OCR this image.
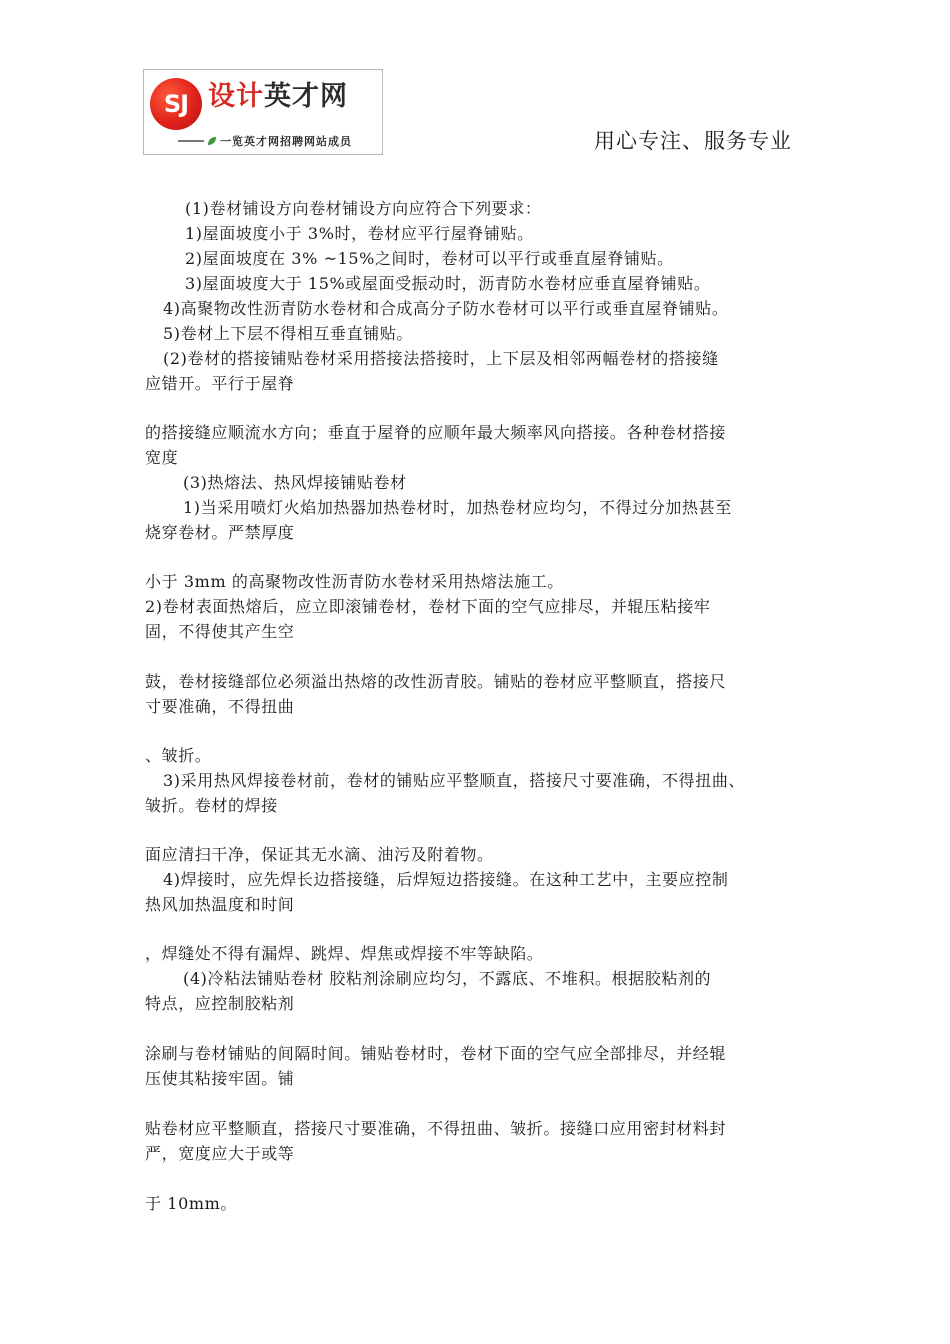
SJ 设计英才网
一览英才网招聘网站成员	用心专注、服务专业
(1)卷材铺设方向卷材铺设方向应符合下列要求：
1)屋面坡度小于 3%时，卷材应平行屋脊铺贴。
2)屋面坡度在 3% ~15%之间时，卷材可以平行或垂直屋脊铺贴。
3)屋面坡度大于 15%或屋面受振动时，沥青防水卷材应垂直屋脊铺贴。
4)高聚物改性沥青防水卷材和合成高分子防水卷材可以平行或垂直屋脊铺贴。
5)卷材上下层不得相互垂直铺贴。
(2)卷材的搭接铺贴卷材采用搭接法搭接时，上下层及相邻两幅卷材的搭接缝
应错开。平行于屋脊
的搭接缝应顺流水方向；垂直于屋脊的应顺年最大频率风向搭接。各种卷材搭接
宽度
(3)热熔法、热风焊接铺贴卷材
1)当采用喷灯火焰加热器加热卷材时，加热卷材应均匀，不得过分加热甚至
烧穿卷材。严禁厚度
小于 3mm 的高聚物改性沥青防水卷材采用热熔法施工。
2)卷材表面热熔后，应立即滚铺卷材，卷材下面的空气应排尽，并辊压粘接牢
固，不得使其产生空
鼓，卷材接缝部位必须溢出热熔的改性沥青胶。铺贴的卷材应平整顺直，搭接尺
寸要准确，不得扭曲
、皱折。
3)采用热风焊接卷材前，卷材的铺贴应平整顺直，搭接尺寸要准确，不得扭曲、
皱折。卷材的焊接
面应清扫干净，保证其无水滴、油污及附着物。
4)焊接时，应先焊长边搭接缝，后焊短边搭接缝。在这种工艺中，主要应控制
热风加热温度和时间
，焊缝处不得有漏焊、跳焊、焊焦或焊接不牢等缺陷。
(4)冷粘法铺贴卷材 胶粘剂涂刷应均匀，不露底、不堆积。根据胶粘剂的
特点，应控制胶粘剂
涂刷与卷材铺贴的间隔时间。铺贴卷材时，卷材下面的空气应全部排尽，并经辊
压使其粘接牢固。铺
贴卷材应平整顺直，搭接尺寸要准确，不得扭曲、皱折。接缝口应用密封材料封
严，宽度应大于或等
于 10mm。
